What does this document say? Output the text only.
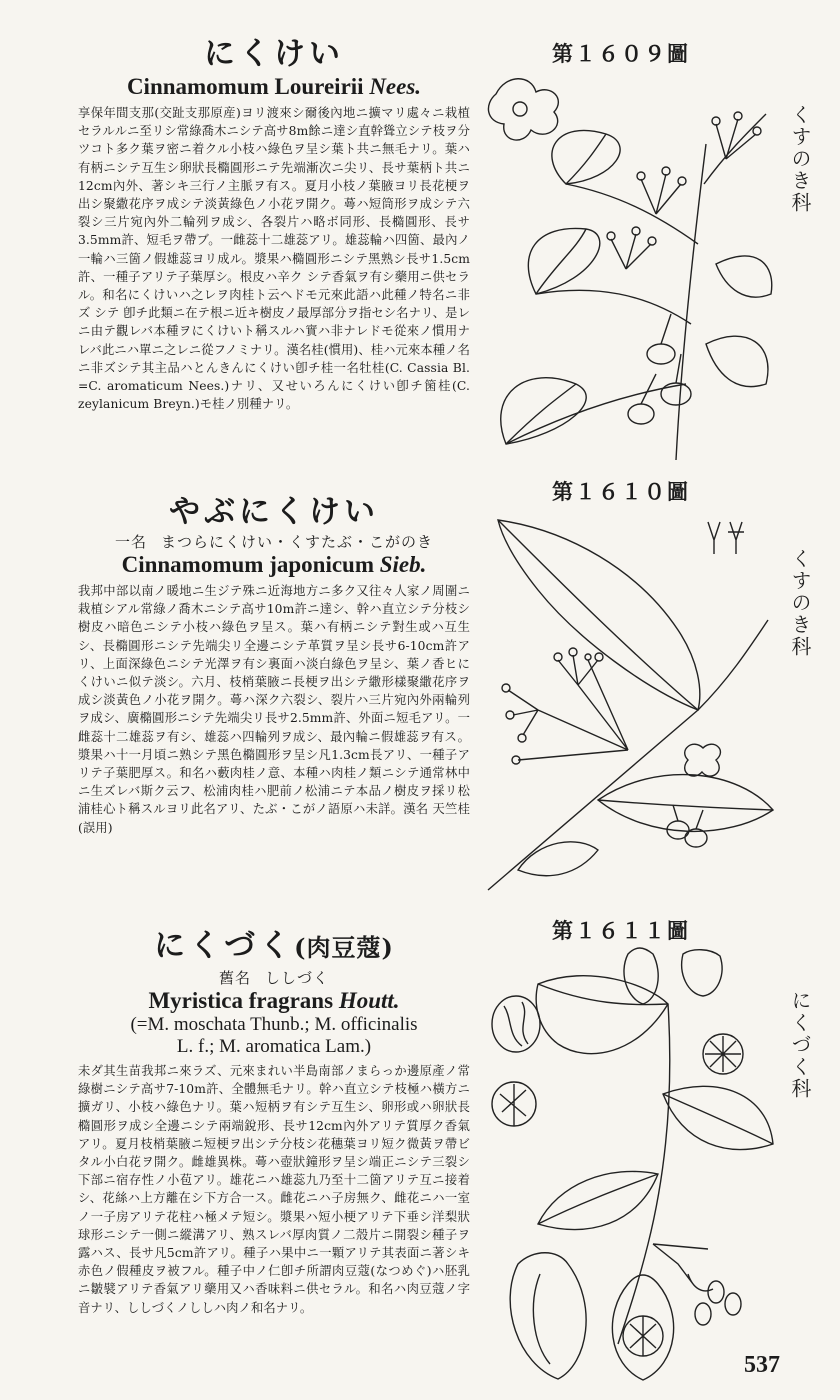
にくけい
Cinnamomum Loureirii Nees.
享保年間支那(交趾支那原産)ヨリ渡來シ爾後內地ニ擴マリ處々ニ栽植セラルルニ至リシ常綠喬木ニシテ高サ8m餘ニ達シ直幹聳立シテ枝ヲ分ツコト多ク葉ヲ密ニ着クル小枝ハ綠色ヲ呈シ葉ト共ニ無毛ナリ。葉ハ有柄ニシテ互生シ卵狀長橢圓形ニテ先端漸次ニ尖リ、長サ葉柄ト共ニ12cm內外、著シキ三行ノ主脈ヲ有ス。夏月小枝ノ葉腋ヨリ長花梗ヲ出シ聚繖花序ヲ成シテ淡黃綠色ノ小花ヲ開ク。蕚ハ短筒形ヲ成シテ六裂シ三片宛內外二輪列ヲ成シ、各裂片ハ略ボ同形、長橢圓形、長サ3.5mm許、短毛ヲ帶ブ。一雌蕊十二雄蕊アリ。雄蕊輪ハ四箇、最內ノ一輪ハ三箇ノ假雄蕊ヨリ成ル。漿果ハ橢圓形ニシテ黑熟シ長サ1.5cm許、一種子アリテ子葉厚シ。根皮ハ辛ク シテ香氣ヲ有シ藥用ニ供セラル。和名にくけいハ之レヲ肉桂ト云ヘドモ元來此語ハ此種ノ特名ニ非ズ シテ 卽チ此類ニ在テ根ニ近キ樹皮ノ最厚部分ヲ指セシ名ナリ、是レニ由テ觀レバ本種ヲにくけいト稱スルハ實ハ非ナレドモ從來ノ慣用ナレバ此ニハ單ニ之レニ從フノミナリ。漢名桂(慣用)、桂ハ元來本種ノ名ニ非ズシテ其主品ハとんきんにくけい卽チ桂一名牡桂(C. Cassia Bl. =C. aromaticum Nees.)ナリ、又せいろんにくけい卽チ箘桂(C. zeylanicum Breyn.)モ桂ノ別種ナリ。
やぶにくけい
一名 まつらにくけい・くすたぶ・こがのき
Cinnamomum japonicum Sieb.
我邦中部以南ノ暖地ニ生ジテ殊ニ近海地方ニ多ク又往々人家ノ周圍ニ栽植シアル常綠ノ喬木ニシテ高サ10m許ニ達シ、幹ハ直立シテ分枝シ樹皮ハ暗色ニシテ小枝ハ綠色ヲ呈ス。葉ハ有柄ニシテ對生或ハ互生シ、長橢圓形ニシテ先端尖リ全邊ニシテ革質ヲ呈シ長サ6-10cm許アリ、上面深綠色ニシテ光澤ヲ有シ裏面ハ淡白綠色ヲ呈シ、葉ノ香ヒにくけいニ似テ淡シ。六月、枝梢葉腋ニ長梗ヲ出シテ繖形樣聚繖花序ヲ成シ淡黃色ノ小花ヲ開ク。蕚ハ深ク六裂シ、裂片ハ三片宛內外兩輪列ヲ成シ、廣橢圓形ニシテ先端尖リ長サ2.5mm許、外面ニ短毛アリ。一雌蕊十二雄蕊ヲ有シ、雄蕊ハ四輪列ヲ成シ、最內輪ニ假雄蕊ヲ有ス。漿果ハ十一月頃ニ熟シテ黑色橢圓形ヲ呈シ凡1.3cm長アリ、一種子アリテ子葉肥厚ス。和名ハ藪肉桂ノ意、本種ハ肉桂ノ類ニシテ通常林中ニ生ズレバ斯ク云フ、松浦肉桂ハ肥前ノ松浦ニテ本品ノ樹皮ヲ採リ松浦桂心ト稱スルヨリ此名アリ、たぶ・こがノ語原ハ未詳。漢名 天竺桂(誤用)
にくづく(肉豆蔻)
舊名 ししづく
Myristica fragrans Houtt.
(=M. moschata Thunb.; M. officinalis
L. f.; M. aromatica Lam.)
未ダ其生苗我邦ニ來ラズ、元來まれい半島南部ノまらっか邊原產ノ常綠樹ニシテ高サ7-10m許、全體無毛ナリ。幹ハ直立シテ枝極ハ橫方ニ擴ガリ、小枝ハ綠色ナリ。葉ハ短柄ヲ有シテ互生シ、卵形或ハ卵狀長橢圓形ヲ成シ全邊ニシテ兩端銳形、長サ12cm內外アリテ質厚ク香氣アリ。夏月枝梢葉腋ニ短梗ヲ出シテ分枝シ花穗葉ヨリ短ク微黃ヲ帶ビタル小白花ヲ開ク。雌雄異株。蕚ハ壺狀鐘形ヲ呈シ端正ニシテ三裂シ下部ニ宿存性ノ小苞アリ。雄花ニハ雄蕊九乃至十二箇アリテ互ニ接着シ、花絲ハ上方離在シ下方合一ス。雌花ニハ子房無ク、雌花ニハ一室ノ一子房アリテ花柱ハ極メテ短シ。漿果ハ短小梗アリテ下垂シ洋梨狀球形ニシテ一側ニ縱溝アリ、熟スレバ厚肉質ノ二殼片ニ開裂シ種子ヲ露ハス、長サ凡5cm許アリ。種子ハ果中ニ一顆アリテ其表面ニ著シキ赤色ノ假種皮ヲ被フル。種子中ノ仁卽チ所謂肉豆蔻(なつめぐ)ハ胚乳ニ皺襞アリテ香氣アリ藥用又ハ香味料ニ供セラル。和名ハ肉豆蔻ノ字音ナリ、ししづくノししハ肉ノ和名ナリ。
第１６０９圖
第１６１０圖
第１６１１圖
くすのき科
くすのき科
にくづく科
537
